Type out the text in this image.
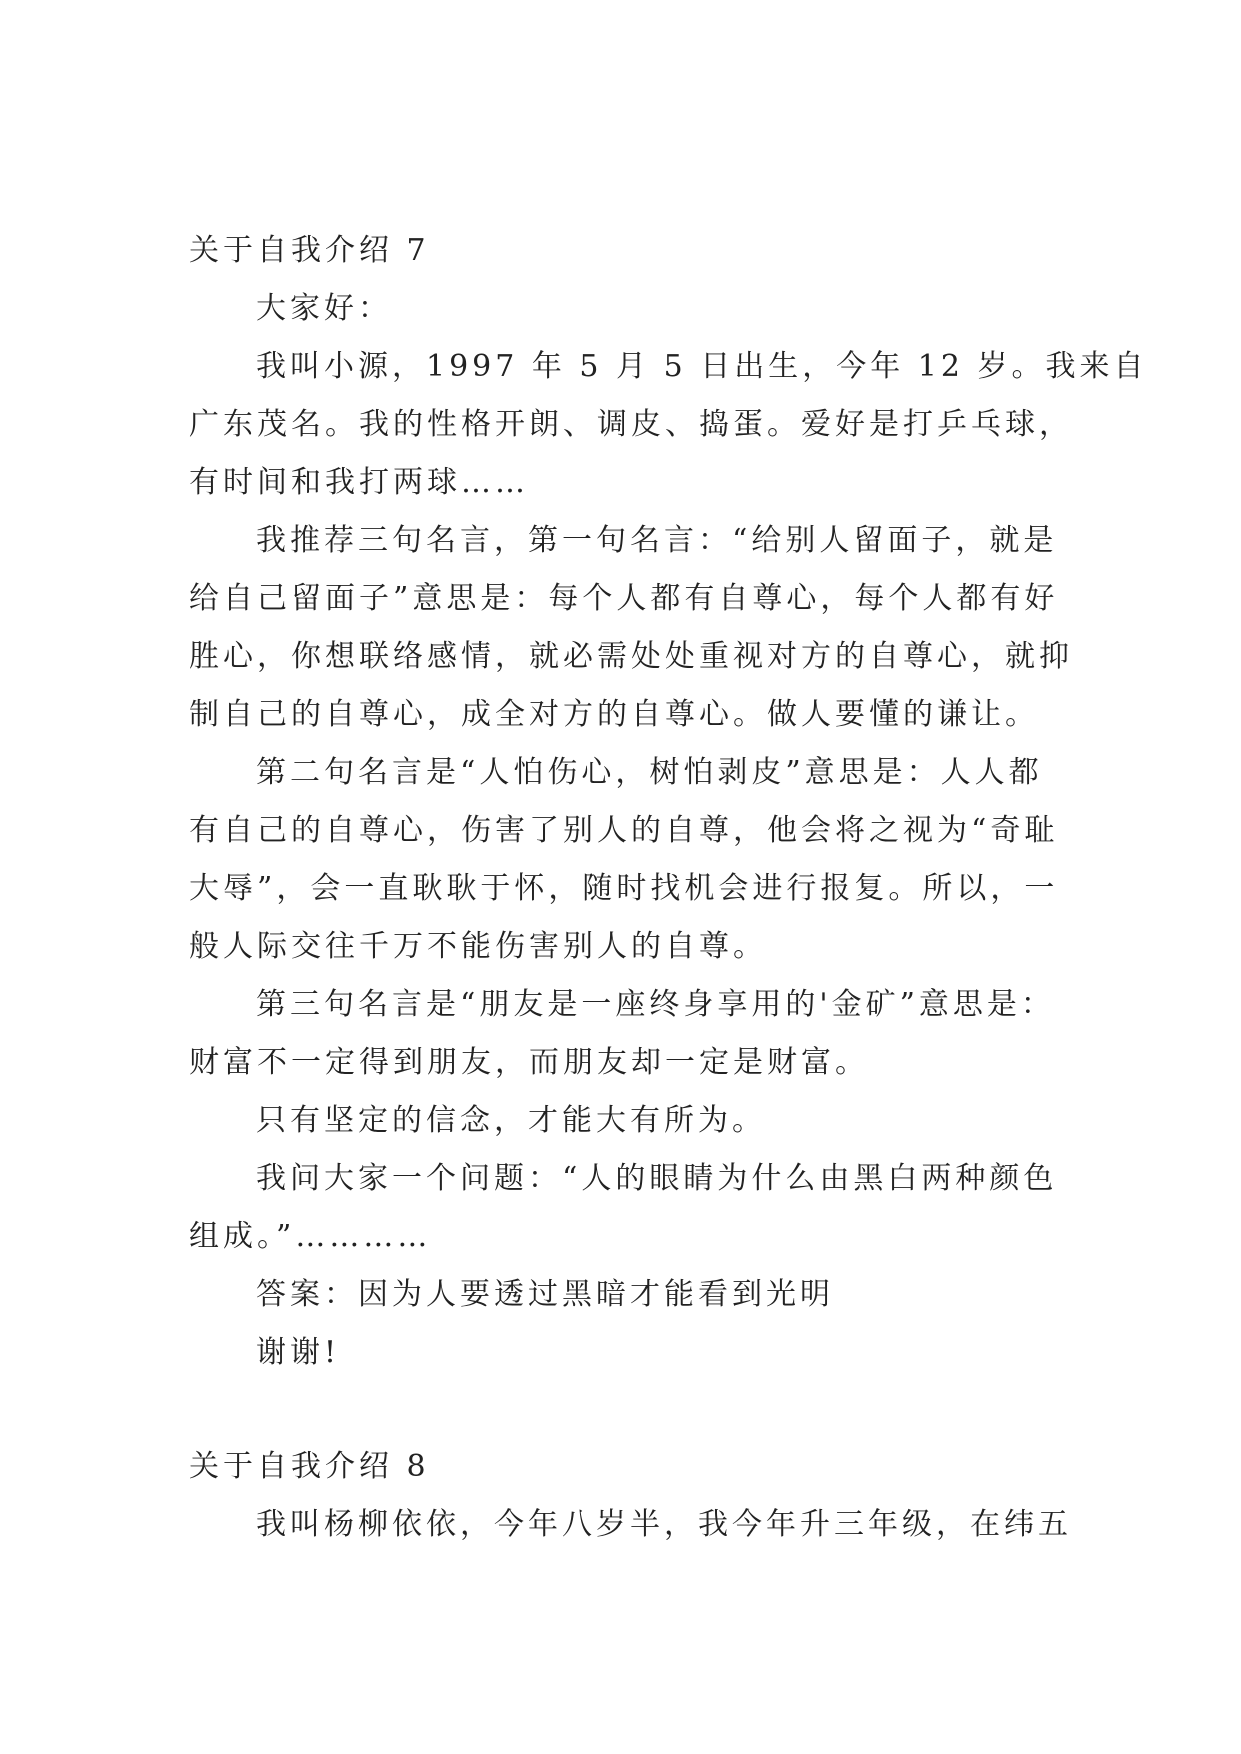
关于自我介绍 7
大家好：
我叫小源，1997 年 5 月 5 日出生，今年 12 岁。我来自
广东茂名。我的性格开朗、调皮、捣蛋。爱好是打乒乓球，
有时间和我打两球……
我推荐三句名言，第一句名言：“给别人留面子，就是
给自己留面子”意思是：每个人都有自尊心，每个人都有好
胜心，你想联络感情，就必需处处重视对方的自尊心，就抑
制自己的自尊心，成全对方的自尊心。做人要懂的谦让。
第二句名言是“人怕伤心，树怕剥皮”意思是：人人都
有自己的自尊心，伤害了别人的自尊，他会将之视为“奇耻
大辱”，会一直耿耿于怀，随时找机会进行报复。所以，一
般人际交往千万不能伤害别人的自尊。
第三句名言是“朋友是一座终身享用的'金矿”意思是：
财富不一定得到朋友，而朋友却一定是财富。
只有坚定的信念，才能大有所为。
我问大家一个问题：“人的眼睛为什么由黑白两种颜色
组成。”…………
答案：因为人要透过黑暗才能看到光明
谢谢!
关于自我介绍 8
我叫杨柳依依，今年八岁半，我今年升三年级，在纬五
